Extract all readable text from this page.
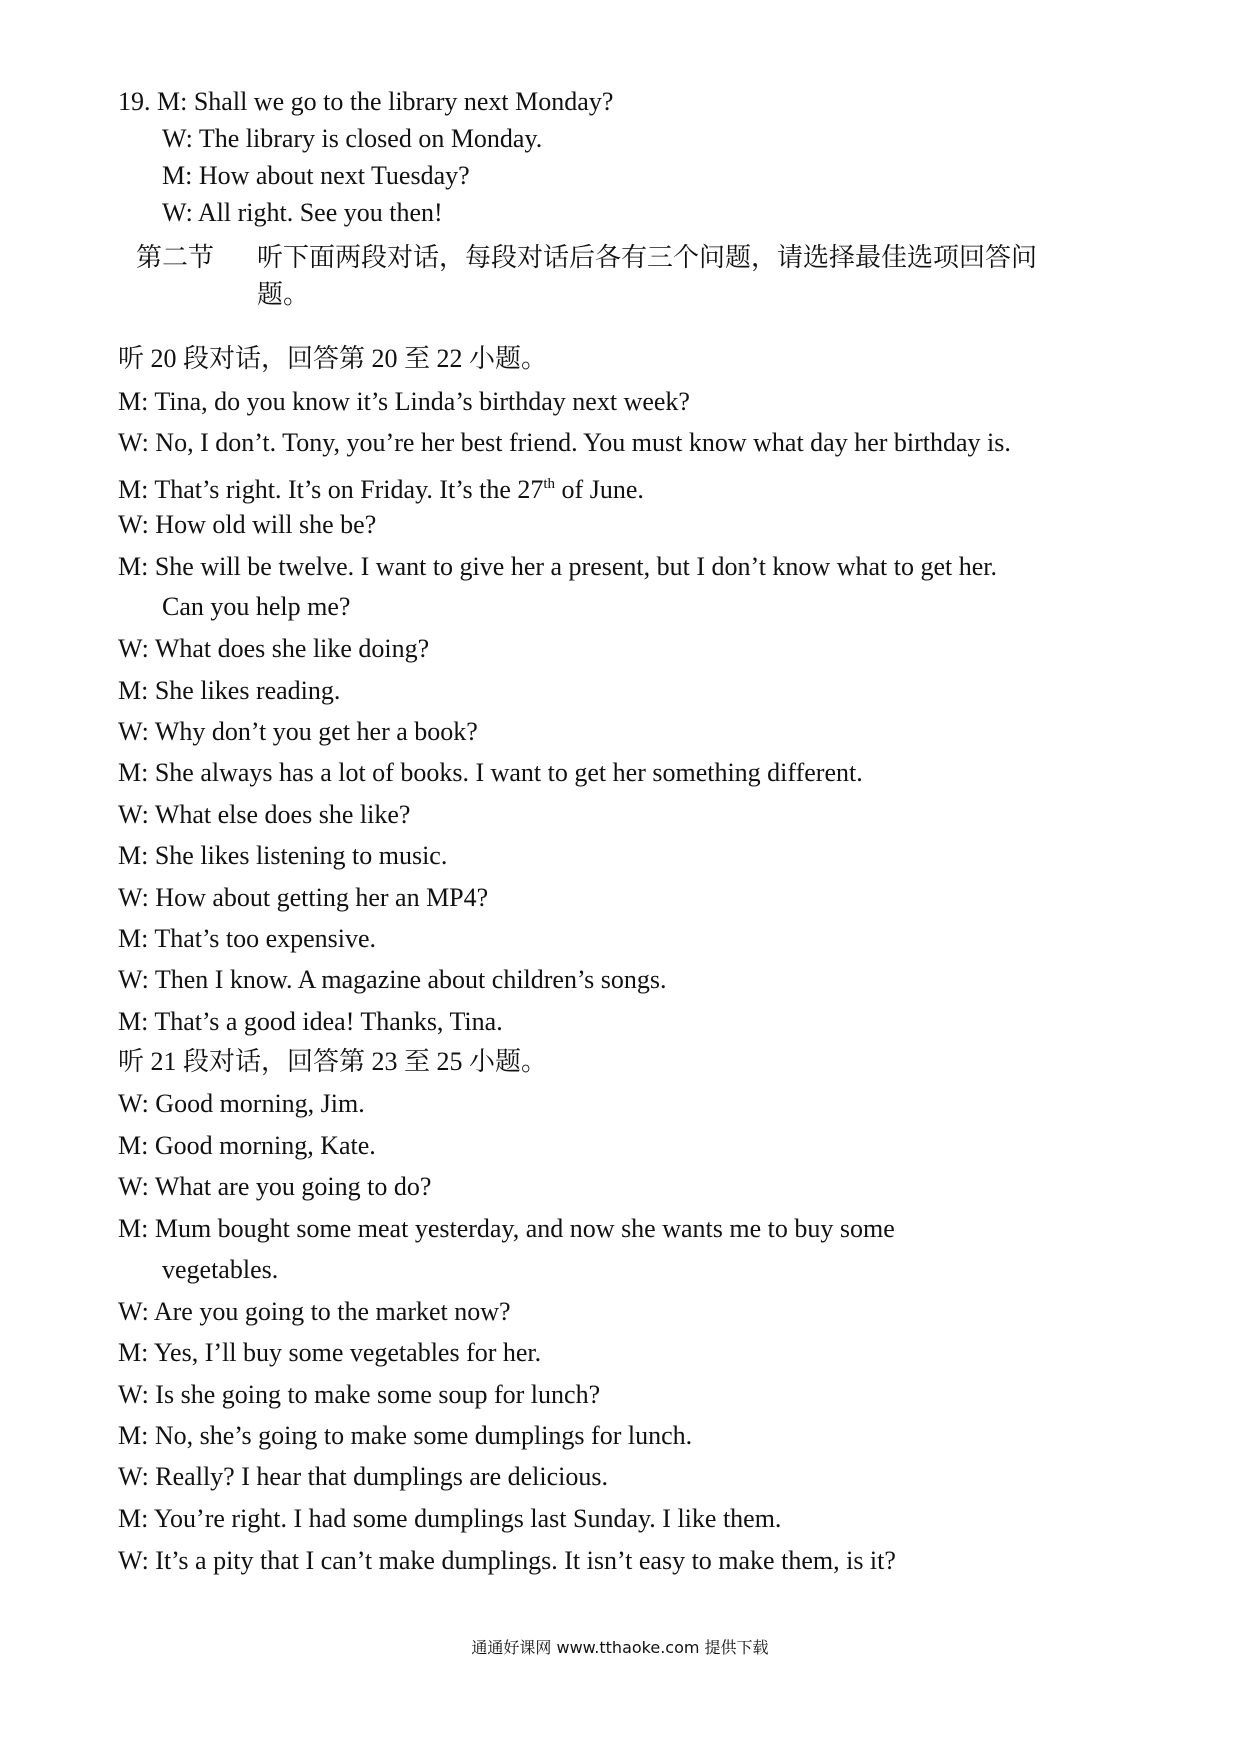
19. M: Shall we go to the library next Monday?
W: The library is closed on Monday.
M: How about next Tuesday?
W: All right. See you then!
第二节 听下面两段对话，每段对话后各有三个问题，请选择最佳选项回答问
题。
听 20 段对话，回答第 20 至 22 小题。
M: Tina, do you know it’s Linda’s birthday next week?
W: No, I don’t. Tony, you’re her best friend. You must know what day her birthday is.
M: That’s right. It’s on Friday. It’s the 27th of June.
W: How old will she be?
M: She will be twelve. I want to give her a present, but I don’t know what to get her.
Can you help me?
W: What does she like doing?
M: She likes reading.
W: Why don’t you get her a book?
M: She always has a lot of books. I want to get her something different.
W: What else does she like?
M: She likes listening to music.
W: How about getting her an MP4?
M: That’s too expensive.
W: Then I know. A magazine about children’s songs.
M: That’s a good idea! Thanks, Tina.
听 21 段对话，回答第 23 至 25 小题。
W: Good morning, Jim.
M: Good morning, Kate.
W: What are you going to do?
M: Mum bought some meat yesterday, and now she wants me to buy some
vegetables.
W: Are you going to the market now?
M: Yes, I’ll buy some vegetables for her.
W: Is she going to make some soup for lunch?
M: No, she’s going to make some dumplings for lunch.
W: Really? I hear that dumplings are delicious.
M: You’re right. I had some dumplings last Sunday. I like them.
W: It’s a pity that I can’t make dumplings. It isn’t easy to make them, is it?
通通好课网 www.tthaoke.com 提供下载
